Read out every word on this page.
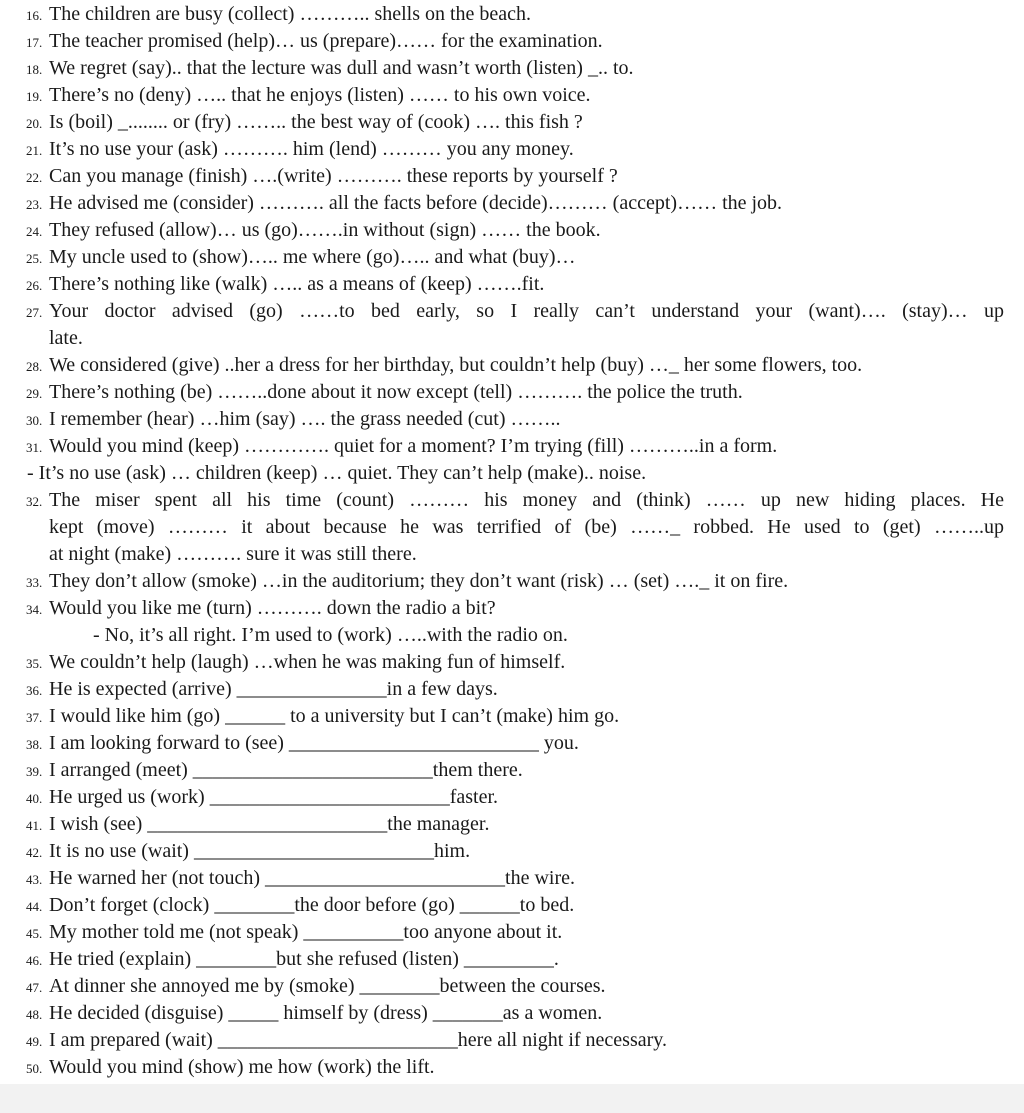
16. The children are busy (collect) ……….. shells on the beach.
17. The teacher promised (help)… us (prepare)…… for the examination.
18. We regret (say).. that the lecture was dull and wasn’t worth (listen) _.. to.
19. There’s no (deny) ….. that he enjoys (listen) …… to his own voice.
20. Is (boil) _........ or (fry) …….. the best way of (cook) …. this fish ?
21. It’s no use your (ask) ………. him (lend) ……… you any money.
22. Can you manage (finish) ….(write) ………. these reports by yourself ?
23. He advised me (consider) ………. all the facts before (decide)……… (accept)…… the job.
24. They refused (allow)… us (go)…….in without (sign) …… the book.
25. My uncle used to (show)….. me where (go)….. and what (buy)…
26. There’s nothing like (walk) ….. as a means of (keep) …….fit.
27. Your doctor advised (go) ……to bed early, so I really can’t understand your (want)…. (stay)… up
late.
28. We considered (give) ..her a dress for her birthday, but couldn’t help (buy) …_ her some flowers, too.
29. There’s nothing (be) ……..done about it now except (tell) ………. the police the truth.
30. I remember (hear) …him (say) …. the grass needed (cut) ……..
31. Would you mind (keep) …………. quiet for a moment? I’m trying (fill) ………..in a form.
- It’s no use (ask) … children (keep) … quiet. They can’t help (make).. noise.
32. The miser spent all his time (count) ……… his money and (think) …… up new hiding places. He
kept (move) ……… it about because he was terrified of (be) ……_ robbed. He used to (get) ……..up
at night (make) ………. sure it was still there.
33. They don’t allow (smoke) …in the auditorium; they don’t want (risk) … (set) …._ it on fire.
34. Would you like me (turn) ………. down the radio a bit?
- No, it’s all right. I’m used to (work) …..with the radio on.
35. We couldn’t help (laugh) …when he was making fun of himself.
36. He is expected (arrive) _______________in a few days.
37. I would like him (go) ______ to a university but I can’t (make) him go.
38. I am looking forward to (see) _________________________ you.
39. I arranged (meet) ________________________them there.
40. He urged us (work) ________________________faster.
41. I wish (see) ________________________the manager.
42. It is no use (wait) ________________________him.
43. He warned her (not touch) ________________________the wire.
44. Don’t forget (clock) ________the door before (go) ______to bed.
45. My mother told me (not speak) __________too anyone about it.
46. He tried (explain) ________but she refused (listen) _________.
47. At dinner she annoyed me by (smoke) ________between the courses.
48. He decided (disguise) _____ himself by (dress) _______as a women.
49. I am prepared (wait) ________________________here all night if necessary.
50. Would you mind (show) me how (work) the lift.
